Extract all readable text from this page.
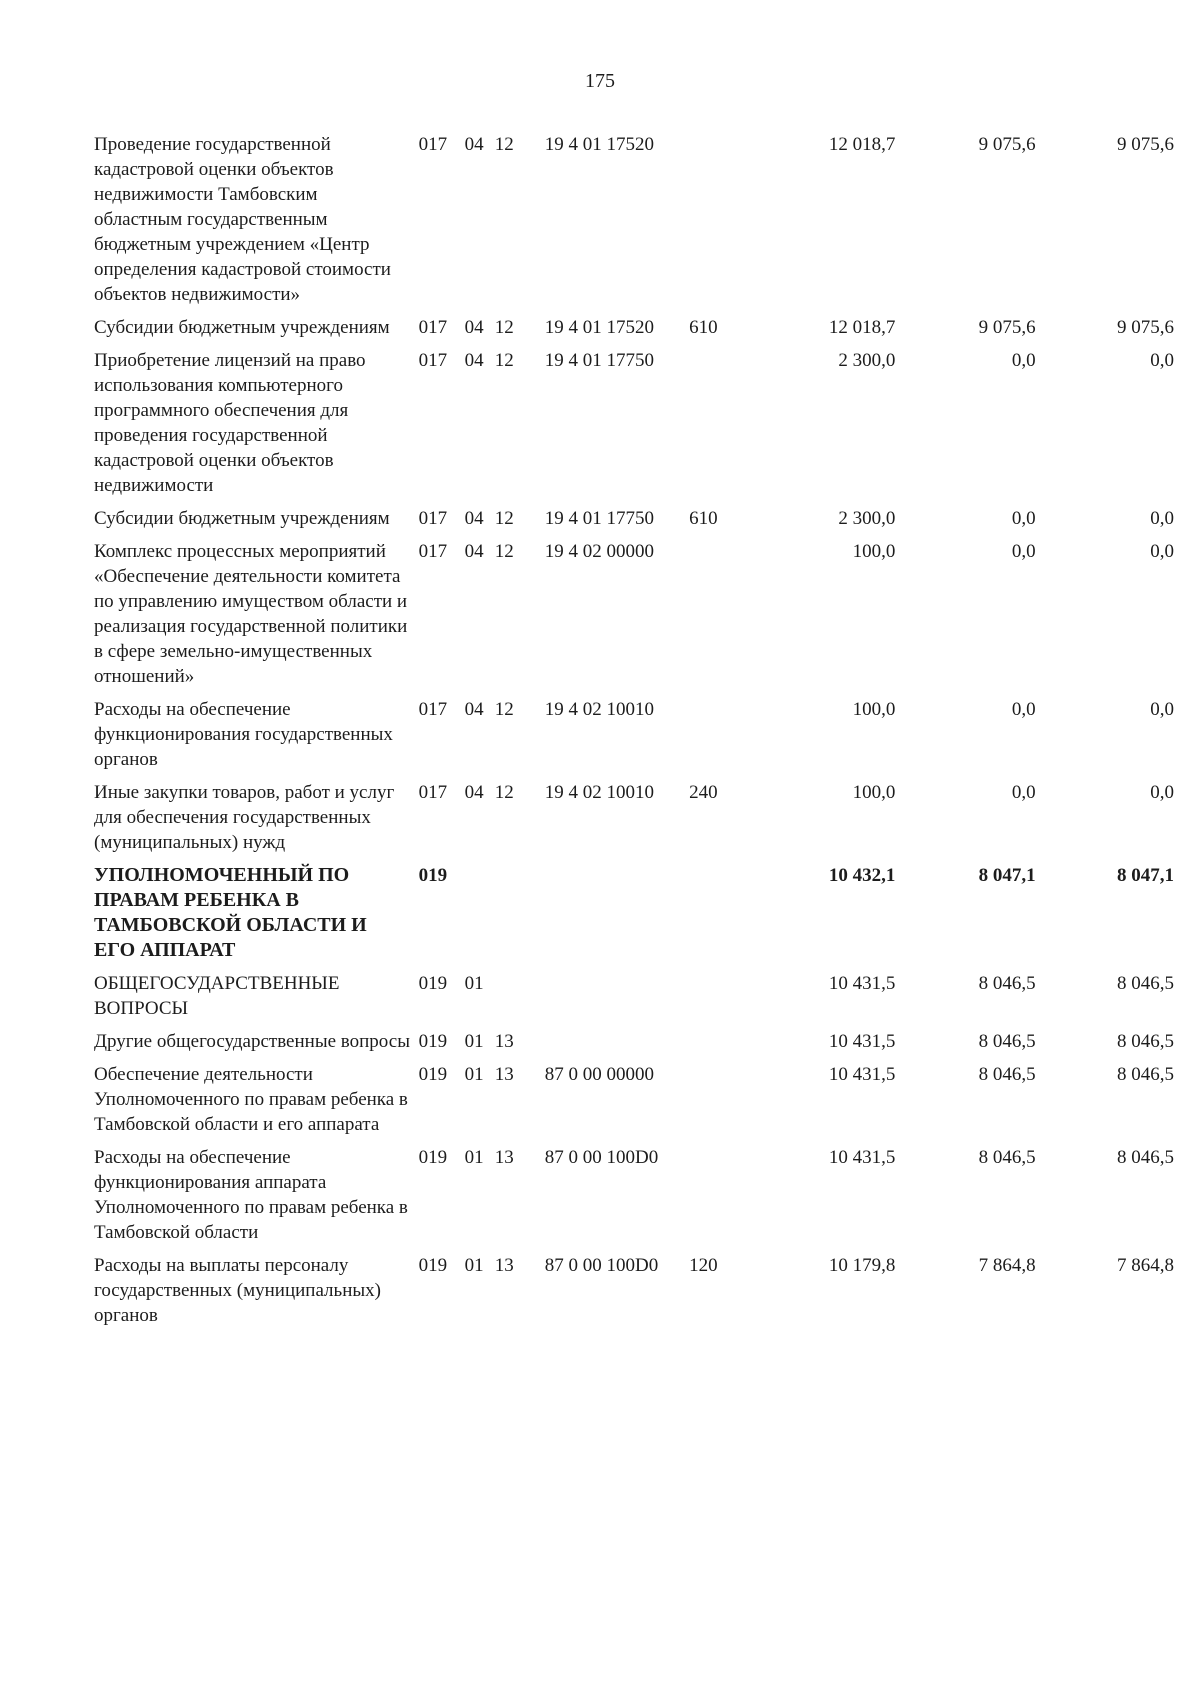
175
Проведение государственной кадастровой оценки объектов недвижимости Тамбовским областным государственным бюджетным учреждением «Центр определения кадастровой стоимости объектов недвижимости»	017	04	12	19 4 01 17520		12 018,7	9 075,6	9 075,6
Субсидии бюджетным учреждениям	017	04	12	19 4 01 17520	610	12 018,7	9 075,6	9 075,6
Приобретение лицензий на право использования компьютерного программного обеспечения для проведения государственной кадастровой оценки объектов недвижимости	017	04	12	19 4 01 17750		2 300,0	0,0	0,0
Субсидии бюджетным учреждениям	017	04	12	19 4 01 17750	610	2 300,0	0,0	0,0
Комплекс процессных мероприятий «Обеспечение деятельности комитета по управлению имуществом области и реализация государственной политики в сфере земельно-имущественных отношений»	017	04	12	19 4 02 00000		100,0	0,0	0,0
Расходы на обеспечение функционирования государственных органов	017	04	12	19 4 02 10010		100,0	0,0	0,0
Иные закупки товаров, работ и услуг для обеспечения государственных (муниципальных) нужд	017	04	12	19 4 02 10010	240	100,0	0,0	0,0
УПОЛНОМОЧЕННЫЙ ПО ПРАВАМ РЕБЕНКА В ТАМБОВСКОЙ ОБЛАСТИ И ЕГО АППАРАТ	019					10 432,1	8 047,1	8 047,1
ОБЩЕГОСУДАРСТВЕННЫЕ ВОПРОСЫ	019	01				10 431,5	8 046,5	8 046,5
Другие общегосударственные вопросы	019	01	13			10 431,5	8 046,5	8 046,5
Обеспечение деятельности Уполномоченного по правам ребенка в Тамбовской области и его аппарата	019	01	13	87 0 00 00000		10 431,5	8 046,5	8 046,5
Расходы на обеспечение функционирования аппарата Уполномоченного по правам ребенка в Тамбовской области	019	01	13	87 0 00 100D0		10 431,5	8 046,5	8 046,5
Расходы на выплаты персоналу государственных (муниципальных) органов	019	01	13	87 0 00 100D0	120	10 179,8	7 864,8	7 864,8
